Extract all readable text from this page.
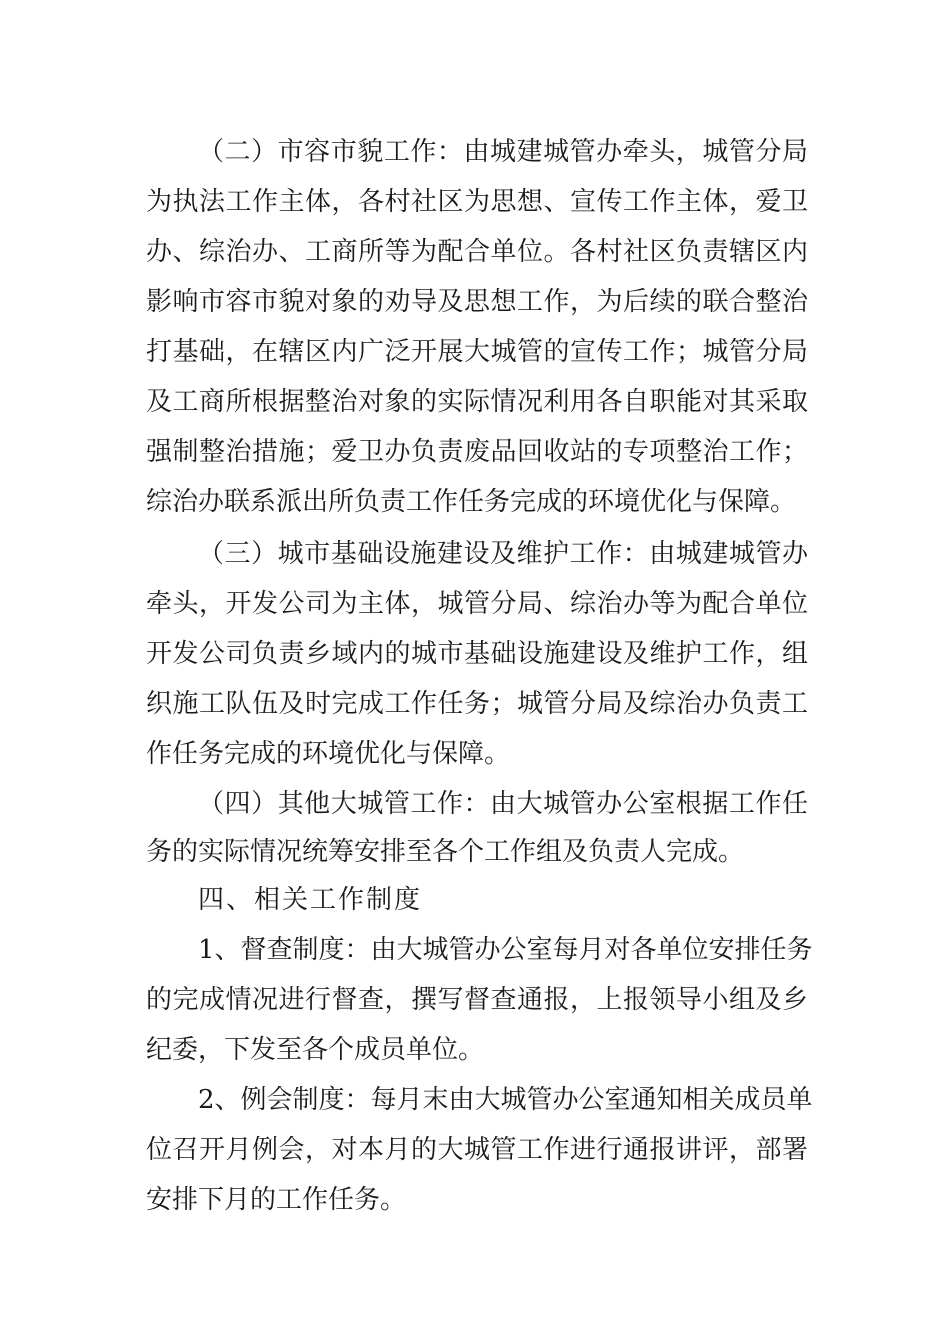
（二）市容市貌工作：由城建城管办牵头，城管分局
为执法工作主体，各村社区为思想、宣传工作主体，爱卫
办、综治办、工商所等为配合单位。各村社区负责辖区内
影响市容市貌对象的劝导及思想工作，为后续的联合整治
打基础，在辖区内广泛开展大城管的宣传工作；城管分局
及工商所根据整治对象的实际情况利用各自职能对其采取
强制整治措施；爱卫办负责废品回收站的专项整治工作；
综治办联系派出所负责工作任务完成的环境优化与保障。
（三）城市基础设施建设及维护工作：由城建城管办
牵头，开发公司为主体，城管分局、综治办等为配合单位
开发公司负责乡域内的城市基础设施建设及维护工作，组
织施工队伍及时完成工作任务；城管分局及综治办负责工
作任务完成的环境优化与保障。
（四）其他大城管工作：由大城管办公室根据工作任
务的实际情况统筹安排至各个工作组及负责人完成。
四、相关工作制度
1、督查制度：由大城管办公室每月对各单位安排任务
的完成情况进行督查，撰写督查通报，上报领导小组及乡
纪委，下发至各个成员单位。
2、例会制度：每月末由大城管办公室通知相关成员单
位召开月例会，对本月的大城管工作进行通报讲评，部署
安排下月的工作任务。
